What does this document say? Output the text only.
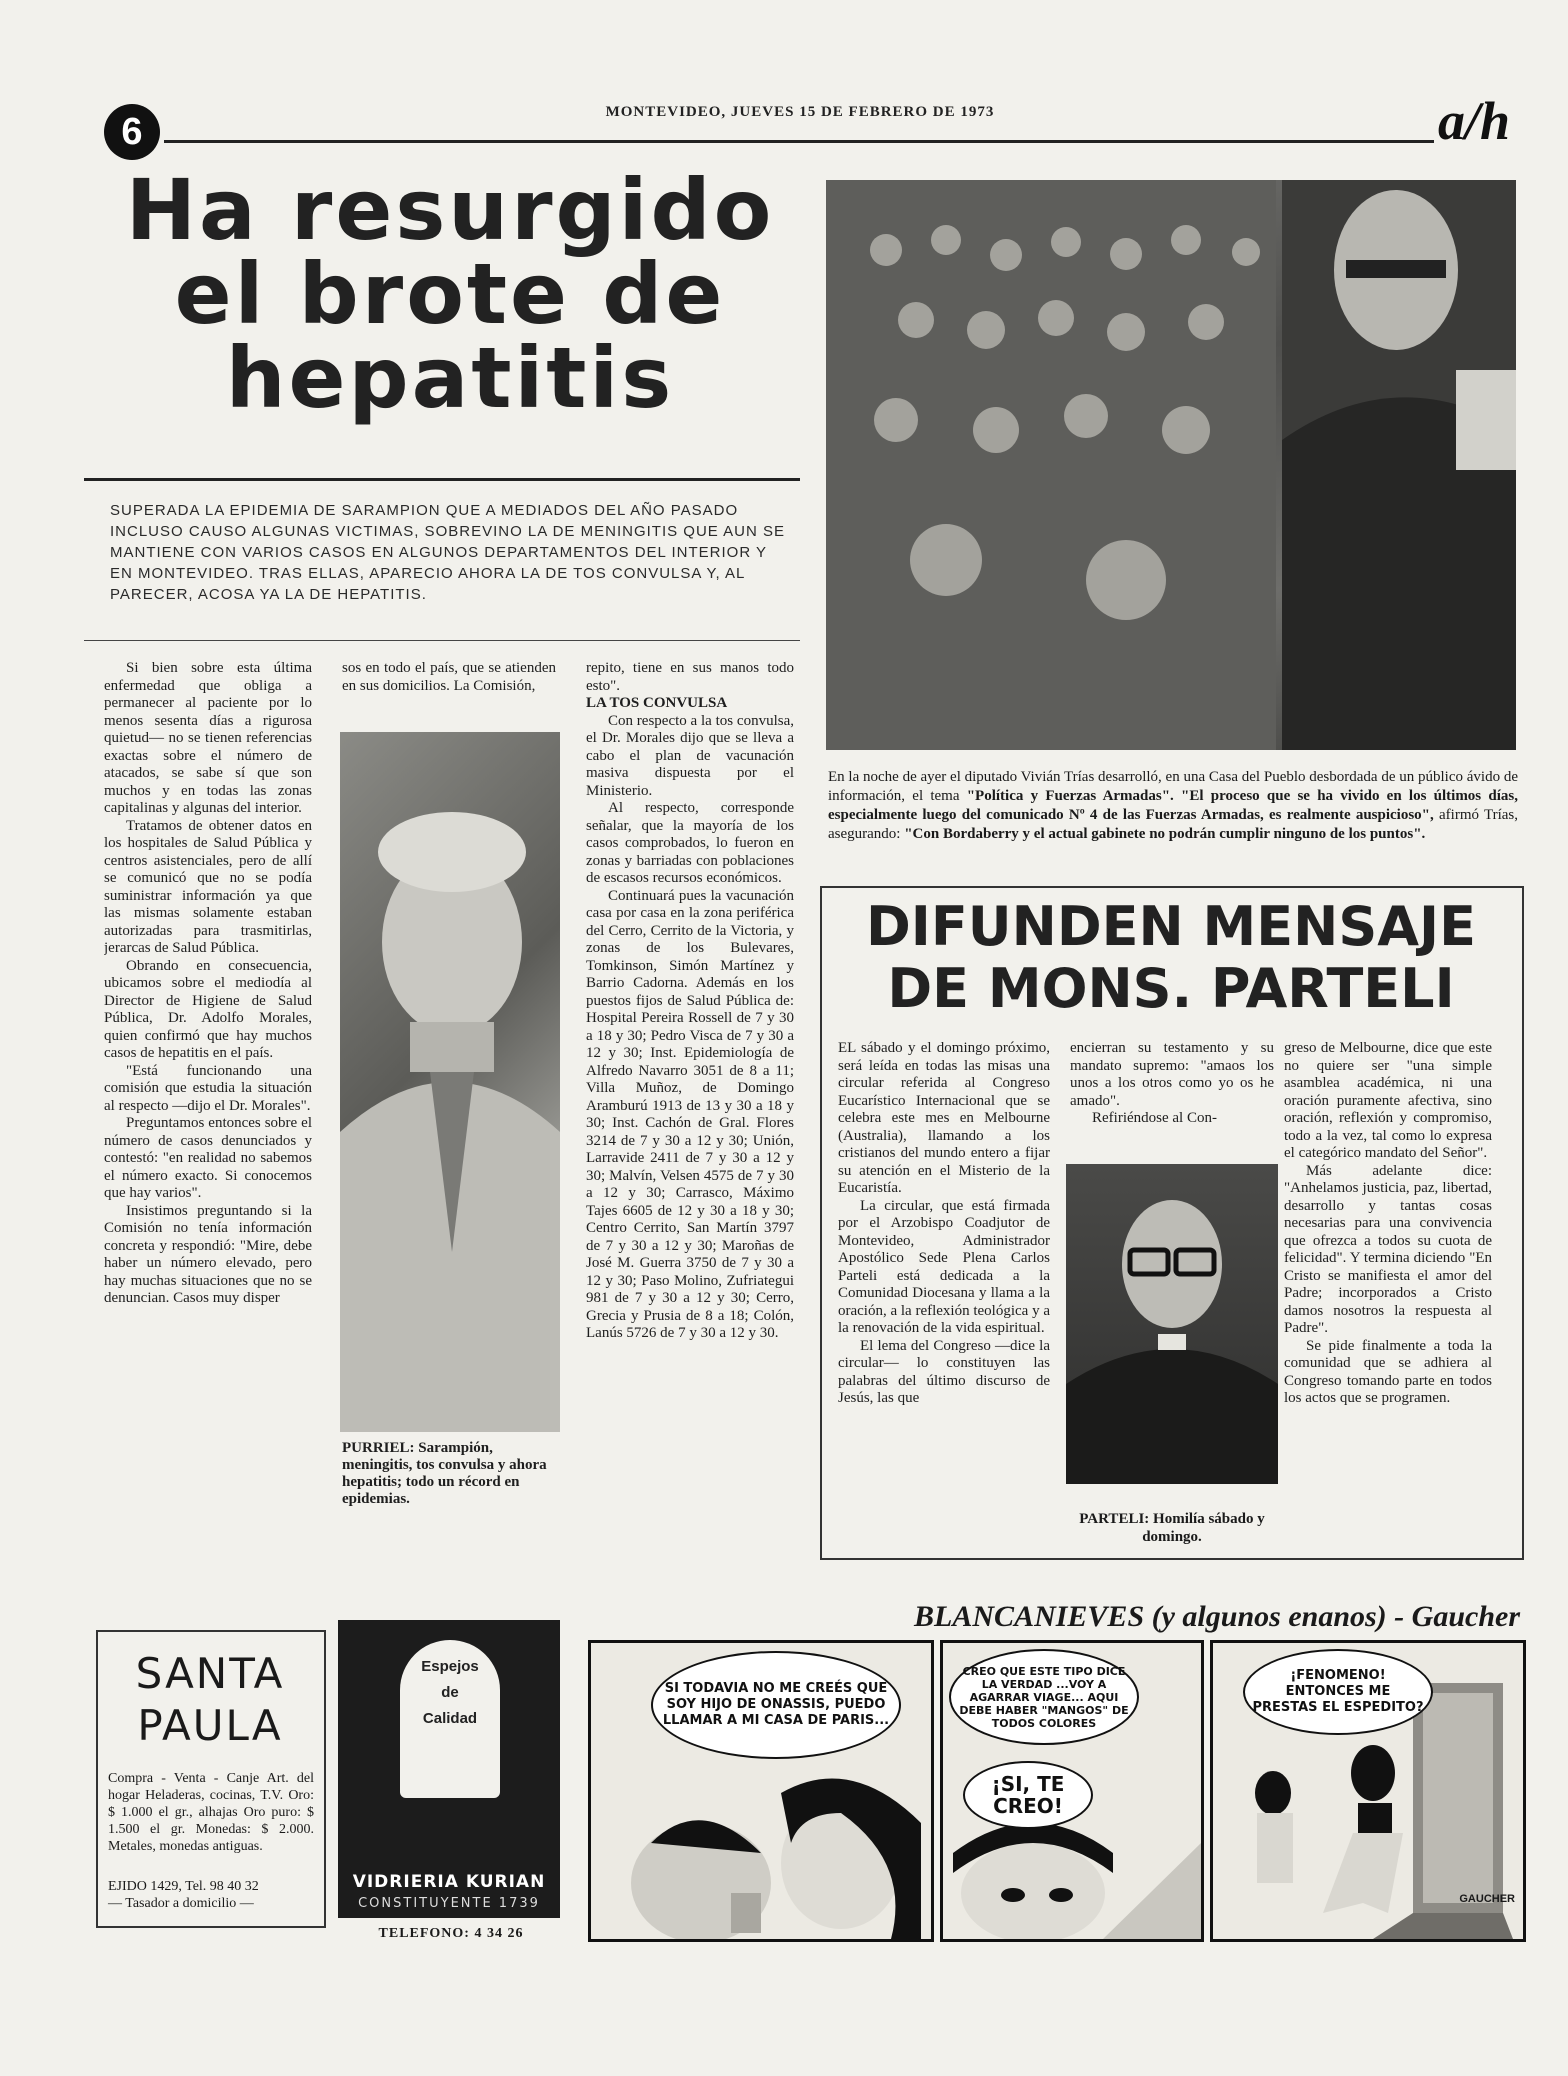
6	MONTEVIDEO, JUEVES 15 DE FEBRERO DE 1973	a/h
Ha resurgido
el brote de
hepatitis
SUPERADA LA EPIDEMIA DE SARAMPION QUE A MEDIADOS DEL AÑO PASADO INCLUSO CAUSO ALGUNAS VICTIMAS, SOBREVINO LA DE MENINGITIS QUE AUN SE MANTIENE CON VARIOS CASOS EN ALGUNOS DEPARTAMENTOS DEL INTERIOR Y EN MONTEVIDEO. TRAS ELLAS, APARECIO AHORA LA DE TOS CONVULSA Y, AL PARECER, ACOSA YA LA DE HEPATITIS.

Si bien sobre esta última enfermedad que obliga a permanecer al paciente por lo menos sesenta días a rigurosa quietud— no se tienen referencias exactas sobre el número de atacados, se sabe sí que son muchos y en todas las zonas capitalinas y algunas del interior.

Tratamos de obtener datos en los hospitales de Salud Pública y centros asistenciales, pero de allí se comunicó que no se podía suministrar información ya que las mismas solamente estaban autorizadas para trasmitirlas, jerarcas de Salud Pública.

Obrando en consecuencia, ubicamos sobre el mediodía al Director de Higiene de Salud Pública, Dr. Adolfo Morales, quien confirmó que hay muchos casos de hepatitis en el país.

"Está funcionando una comisión que estudia la situación al respecto —dijo el Dr. Morales".

Preguntamos entonces sobre el número de casos denunciados y contestó: "en realidad no sabemos el número exacto. Si conocemos que hay varios".

Insistimos preguntando si la Comisión no tenía información concreta y respondió: "Mire, debe haber un número elevado, pero hay muchas situaciones que no se denuncian. Casos muy disper

sos en todo el país, que se atienden en sus domicilios. La Comisión,

PURRIEL: Sarampión, meningitis, tos convulsa y ahora hepatitis; todo un récord en epidemias.

repito, tiene en sus manos todo esto".

LA TOS CONVULSA

Con respecto a la tos convulsa, el Dr. Morales dijo que se lleva a cabo el plan de vacunación masiva dispuesta por el Ministerio.

Al respecto, corresponde señalar, que la mayoría de los casos comprobados, lo fueron en zonas y barriadas con poblaciones de escasos recursos económicos.

Continuará pues la vacunación casa por casa en la zona periférica del Cerro, Cerrito de la Victoria, y zonas de los Bulevares, Tomkinson, Simón Martínez y Barrio Cadorna. Además en los puestos fijos de Salud Pública de: Hospital Pereira Rossell de 7 y 30 a 18 y 30; Pedro Visca de 7 y 30 a 12 y 30; Inst. Epidemiología de Alfredo Navarro 3051 de 8 a 11; Villa Muñoz, de Domingo Aramburú 1913 de 13 y 30 a 18 y 30; Inst. Cachón de Gral. Flores 3214 de 7 y 30 a 12 y 30; Unión, Larravide 2411 de 7 y 30 a 12 y 30; Malvín, Velsen 4575 de 7 y 30 a 12 y 30; Carrasco, Máximo Tajes 6605 de 12 y 30 a 18 y 30; Centro Cerrito, San Martín 3797 de 7 y 30 a 12 y 30; Maroñas de José M. Guerra 3750 de 7 y 30 a 12 y 30; Paso Molino, Zufriategui 981 de 7 y 30 a 12 y 30; Cerro, Grecia y Prusia de 8 a 18; Colón, Lanús 5726 de 7 y 30 a 12 y 30.

En la noche de ayer el diputado Vivián Trías desarrolló, en una Casa del Pueblo desbordada de un público ávido de información, el tema "Política y Fuerzas Armadas". "El proceso que se ha vivido en los últimos días, especialmente luego del comunicado Nº 4 de las Fuerzas Armadas, es realmente auspicioso", afirmó Trías, asegurando: "Con Bordaberry y el actual gabinete no podrán cumplir ninguno de los puntos".
DIFUNDEN MENSAJE
DE MONS. PARTELI

EL sábado y el domingo próximo, será leída en todas las misas una circular referida al Congreso Eucarístico Internacional que se celebra este mes en Melbourne (Australia), llamando a los cristianos del mundo entero a fijar su atención en el Misterio de la Eucaristía.

La circular, que está firmada por el Arzobispo Coadjutor de Montevideo, Administrador Apostólico Sede Plena Carlos Parteli está dedicada a la Comunidad Diocesana y llama a la oración, a la reflexión teológica y a la renovación de la vida espiritual.

El lema del Congreso —dice la circular— lo constituyen las palabras del último discurso de Jesús, las que

encierran su testamento y su mandato supremo: "amaos los unos a los otros como yo os he amado".

Refiriéndose al Con-

PARTELI: Homilía sábado y domingo.

greso de Melbourne, dice que este no quiere ser "una simple asamblea académica, ni una oración puramente afectiva, sino oración, reflexión y compromiso, todo a la vez, tal como lo expresa el categórico mandato del Señor".

Más adelante dice: "Anhelamos justicia, paz, libertad, desarrollo y tantas cosas necesarias para una convivencia que ofrezca a todos su cuota de felicidad". Y termina diciendo "En Cristo se manifiesta el amor del Padre; incorporados a Cristo damos nosotros la respuesta al Padre".

Se pide finalmente a toda la comunidad que se adhiera al Congreso tomando parte en todos los actos que se programen.

SANTA
PAULA
Compra - Venta - Canje Art. del hogar Heladeras, cocinas, T.V. Oro: $ 1.000 el gr., alhajas Oro puro: $ 1.500 el gr. Monedas: $ 2.000. Metales, monedas antiguas.
EJIDO 1429, Tel. 98 40 32
— Tasador a domicilio —
Espejos
de
Calidad
VIDRIERIA KURIAN
CONSTITUYENTE 1739
TELEFONO: 4 34 26
BLANCANIEVES (y algunos enanos) - Gaucher
SI TODAVIA NO ME CREÉS QUE SOY HIJO DE ONASSIS, PUEDO LLAMAR A MI CASA DE PARIS...
CREO QUE ESTE TIPO DICE LA VERDAD ...VOY A AGARRAR VIAGE... AQUI DEBE HABER "MANGOS" DE TODOS COLORES
¡SI, TE CREO!
¡FENOMENO! ENTONCES ME PRESTAS EL ESPEDITO?
GAUCHER
